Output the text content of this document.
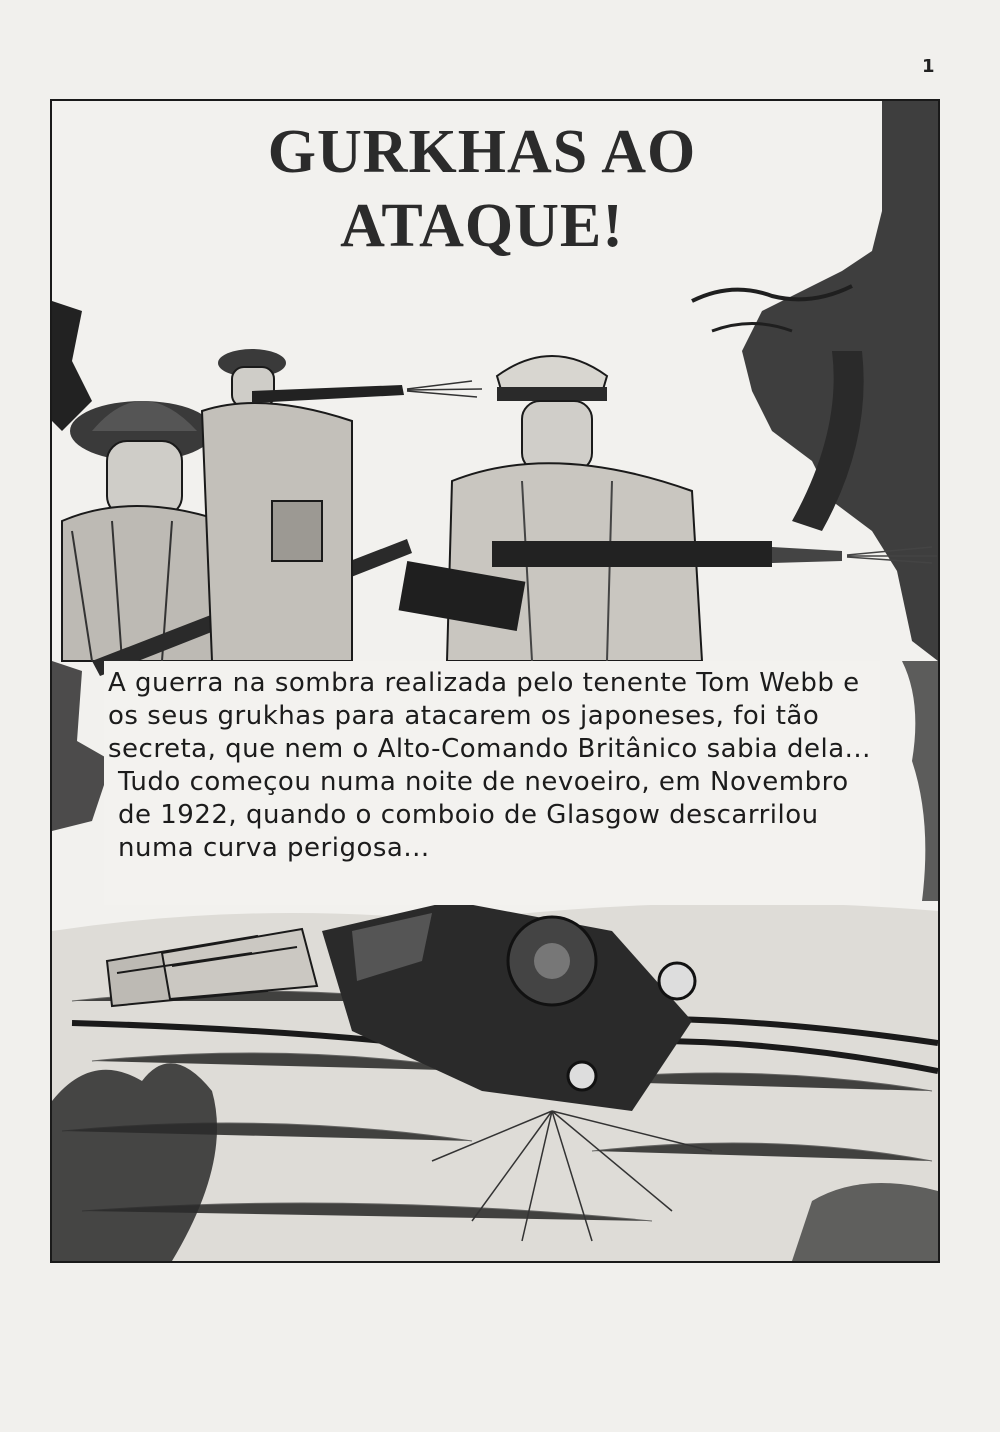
1
GURKHAS AO
ATAQUE!

A guerra na sombra realizada pelo tenente Tom Webb e os seus grukhas para atacarem os japoneses, foi tão secreta, que nem o Alto-Comando Britânico sabia dela...

Tudo começou numa noite de nevoeiro, em Novembro de 1922, quando o comboio de Glasgow descarrilou numa curva perigosa...
